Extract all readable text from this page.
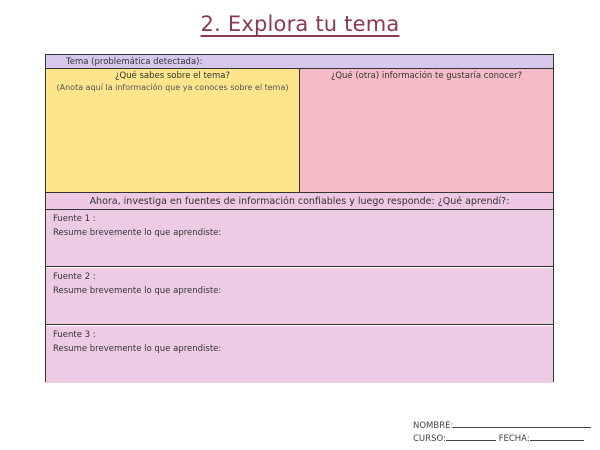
2. Explora tu tema
Tema (problemática detectada):
¿Qué sabes sobre el tema?
(Anota aquí la información que ya conoces sobre el tema)
¿Qué (otra) información te gustaría conocer?
Ahora, investiga en fuentes de información confiables y luego responde: ¿Qué aprendí?:
Fuente 1 :
Resume brevemente lo que aprendiste:
Fuente 2 :
Resume brevemente lo que aprendiste:
Fuente 3 :
Resume brevemente lo que aprendiste:
NOMBRE:
CURSO:	FECHA:
